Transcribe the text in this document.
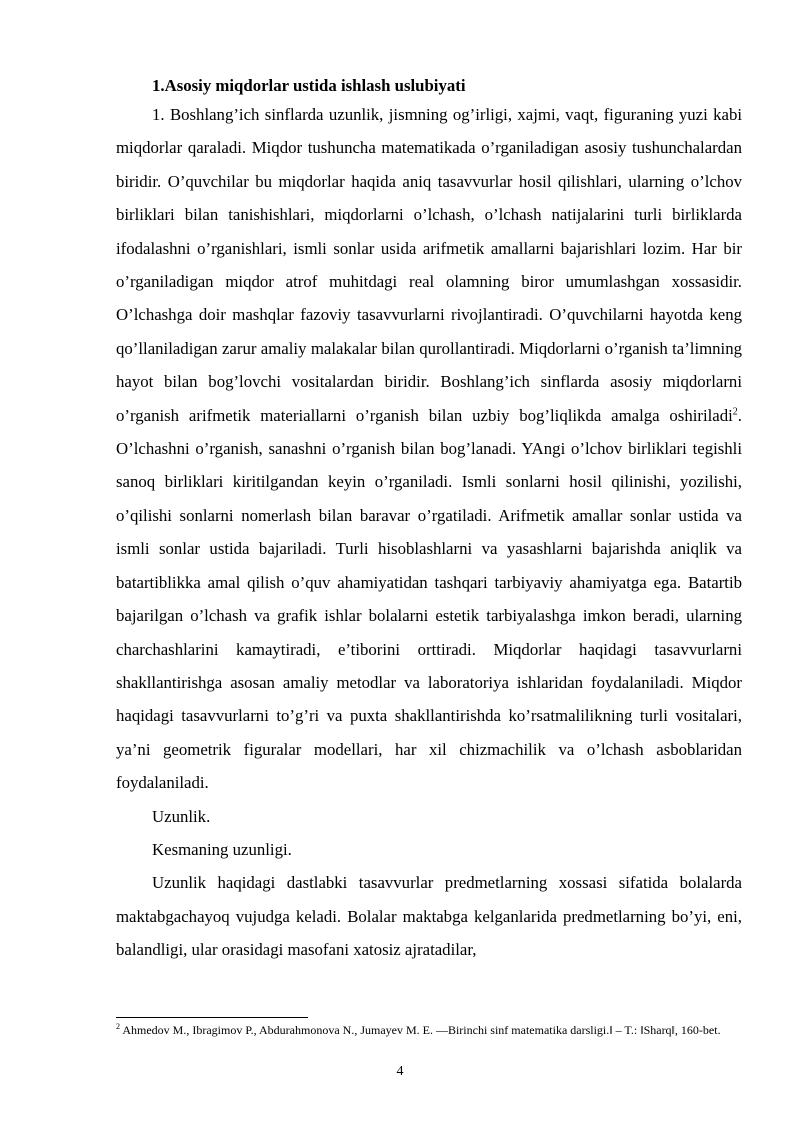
1.Asosiy miqdorlar ustida ishlash uslubiyati

1. Boshlang’ich sinflarda uzunlik, jismning og’irligi, xajmi, vaqt, figuraning yuzi kabi miqdorlar qaraladi. Miqdor tushuncha matematikada o’rganiladigan asosiy tushunchalardan biridir. O’quvchilar bu miqdorlar haqida aniq tasavvurlar hosil qilishlari, ularning o’lchov birliklari bilan tanishishlari, miqdorlarni o’lchash, o’lchash natijalarini turli birliklarda ifodalashni o’rganishlari, ismli sonlar usida arifmetik amallarni bajarishlari lozim. Har bir o’rganiladigan miqdor atrof muhitdagi real olamning biror umumlashgan xossasidir. O’lchashga doir mashqlar fazoviy tasavvurlarni rivojlantiradi. O’quvchilarni hayotda keng qo’llaniladigan zarur amaliy malakalar bilan qurollantiradi. Miqdorlarni o’rganish ta’limning hayot bilan bog’lovchi vositalardan biridir. Boshlang’ich sinflarda asosiy miqdorlarni o’rganish arifmetik materiallarni o’rganish bilan uzbiy bog’liqlikda amalga oshiriladi$^2$. O’lchashni o’rganish, sanashni o’rganish bilan bog’lanadi. YAngi o’lchov birliklari tegishli sanoq birliklari kiritilgandan keyin o’rganiladi. Ismli sonlarni hosil qilinishi, yozilishi, o’qilishi sonlarni nomerlash bilan baravar o’rgatiladi. Arifmetik amallar sonlar ustida va ismli sonlar ustida bajariladi. Turli hisoblashlarni va yasashlarni bajarishda aniqlik va batartiblikka amal qilish o’quv ahamiyatidan tashqari tarbiyaviy ahamiyatga ega. Batartib bajarilgan o’lchash va grafik ishlar bolalarni estetik tarbiyalashga imkon beradi, ularning charchashlarini kamaytiradi, e’tiborini orttiradi. Miqdorlar haqidagi tasavvurlarni shakllantirishga asosan amaliy metodlar va laboratoriya ishlaridan foydalaniladi. Miqdor haqidagi tasavvurlarni to’g’ri va puxta shakllantirishda ko’rsatmalilikning turli vositalari, ya’ni geometrik figuralar modellari, har xil chizmachilik va o’lchash asboblaridan foydalaniladi.

Uzunlik.

Kesmaning uzunligi.

Uzunlik haqidagi dastlabki tasavvurlar predmetlarning xossasi sifatida bolalarda maktabgachayoq vujudga keladi. Bolalar maktabga kelganlarida predmetlarning bo’yi, eni, balandligi, ular orasidagi masofani xatosiz ajratadilar,

$^2$ Ahmedov M., Ibragimov P., Abdurahmonova N., Jumayev M. E. —Birinchi sinf matematika darsligi.‖ – T.: ‖Sharq‖, 160-bet.
4
